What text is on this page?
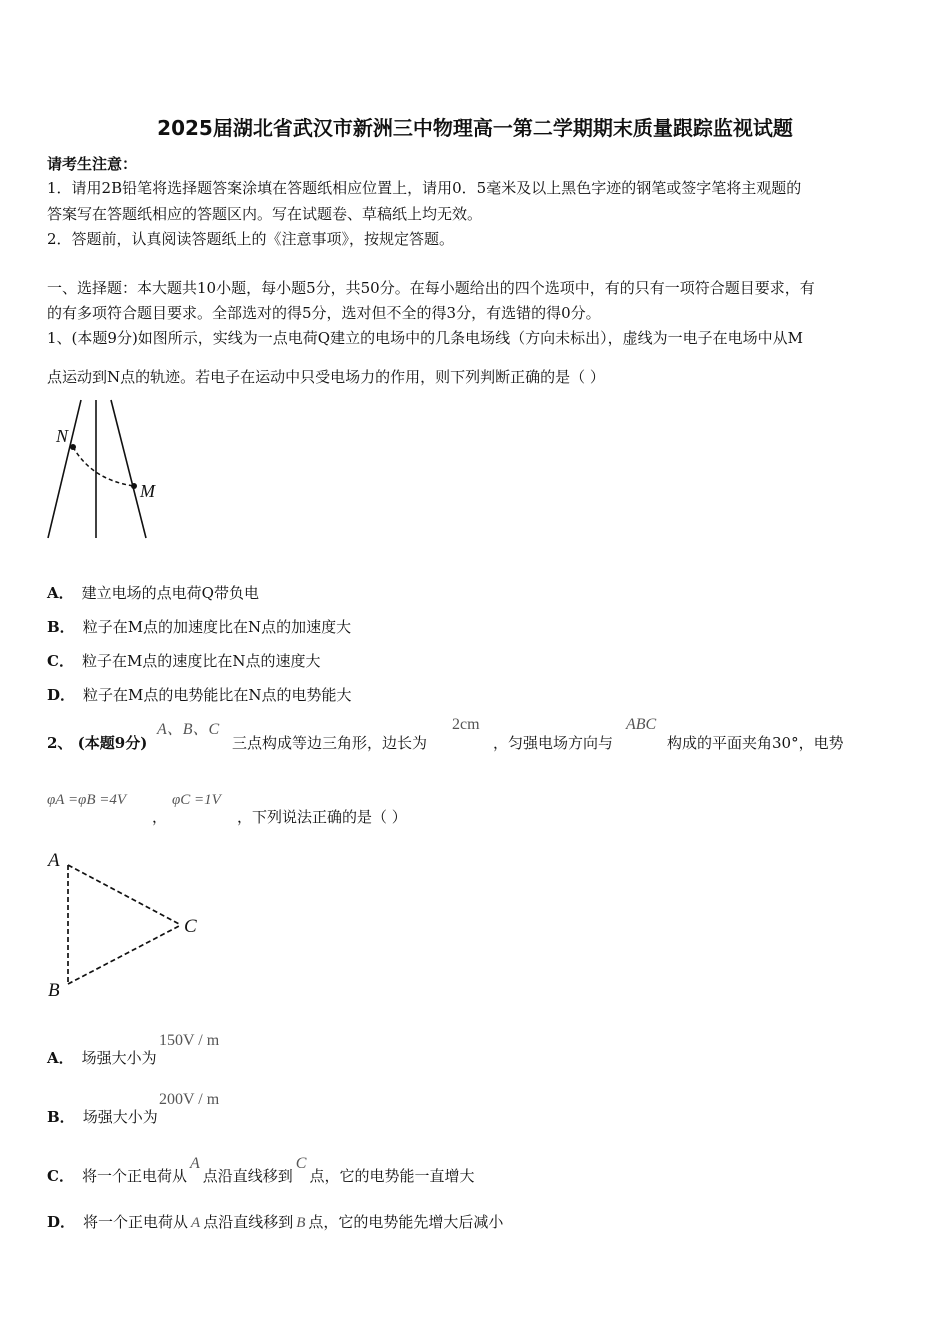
2025届湖北省武汉市新洲三中物理高一第二学期期末质量跟踪监视试题
请考生注意：
1．请用2B铅笔将选择题答案涂填在答题纸相应位置上，请用0．5毫米及以上黑色字迹的钢笔或签字笔将主观题的
答案写在答题纸相应的答题区内。写在试题卷、草稿纸上均无效。
2．答题前，认真阅读答题纸上的《注意事项》，按规定答题。
一、选择题：本大题共10小题，每小题5分，共50分。在每小题给出的四个选项中，有的只有一项符合题目要求，有
的有多项符合题目要求。全部选对的得5分，选对但不全的得3分，有选错的得0分。
1、(本题9分)如图所示，实线为一点电荷Q建立的电场中的几条电场线（方向未标出），虚线为一电子在电场中从M
点运动到N点的轨迹。若电子在运动中只受电场力的作用，则下列判断正确的是（ ）
N
M
A． 建立电场的点电荷Q带负电
B． 粒子在M点的加速度比在N点的加速度大
C． 粒子在M点的速度比在N点的速度大
D． 粒子在M点的电势能比在N点的电势能大
2、 (本题9分)
A、B、C
三点构成等边三角形，边长为
2cm
，匀强电场方向与
ABC
构成的平面夹角30°，电势
φA =φB =4V
，
φC =1V
，下列说法正确的是（ ）
A
B
C
A． 场强大小为
150V / m
B． 场强大小为
200V / m
C． 将一个正电荷从A点沿直线移到C点，它的电势能一直增大
D． 将一个正电荷从 A 点沿直线移到 B 点，它的电势能先增大后减小
